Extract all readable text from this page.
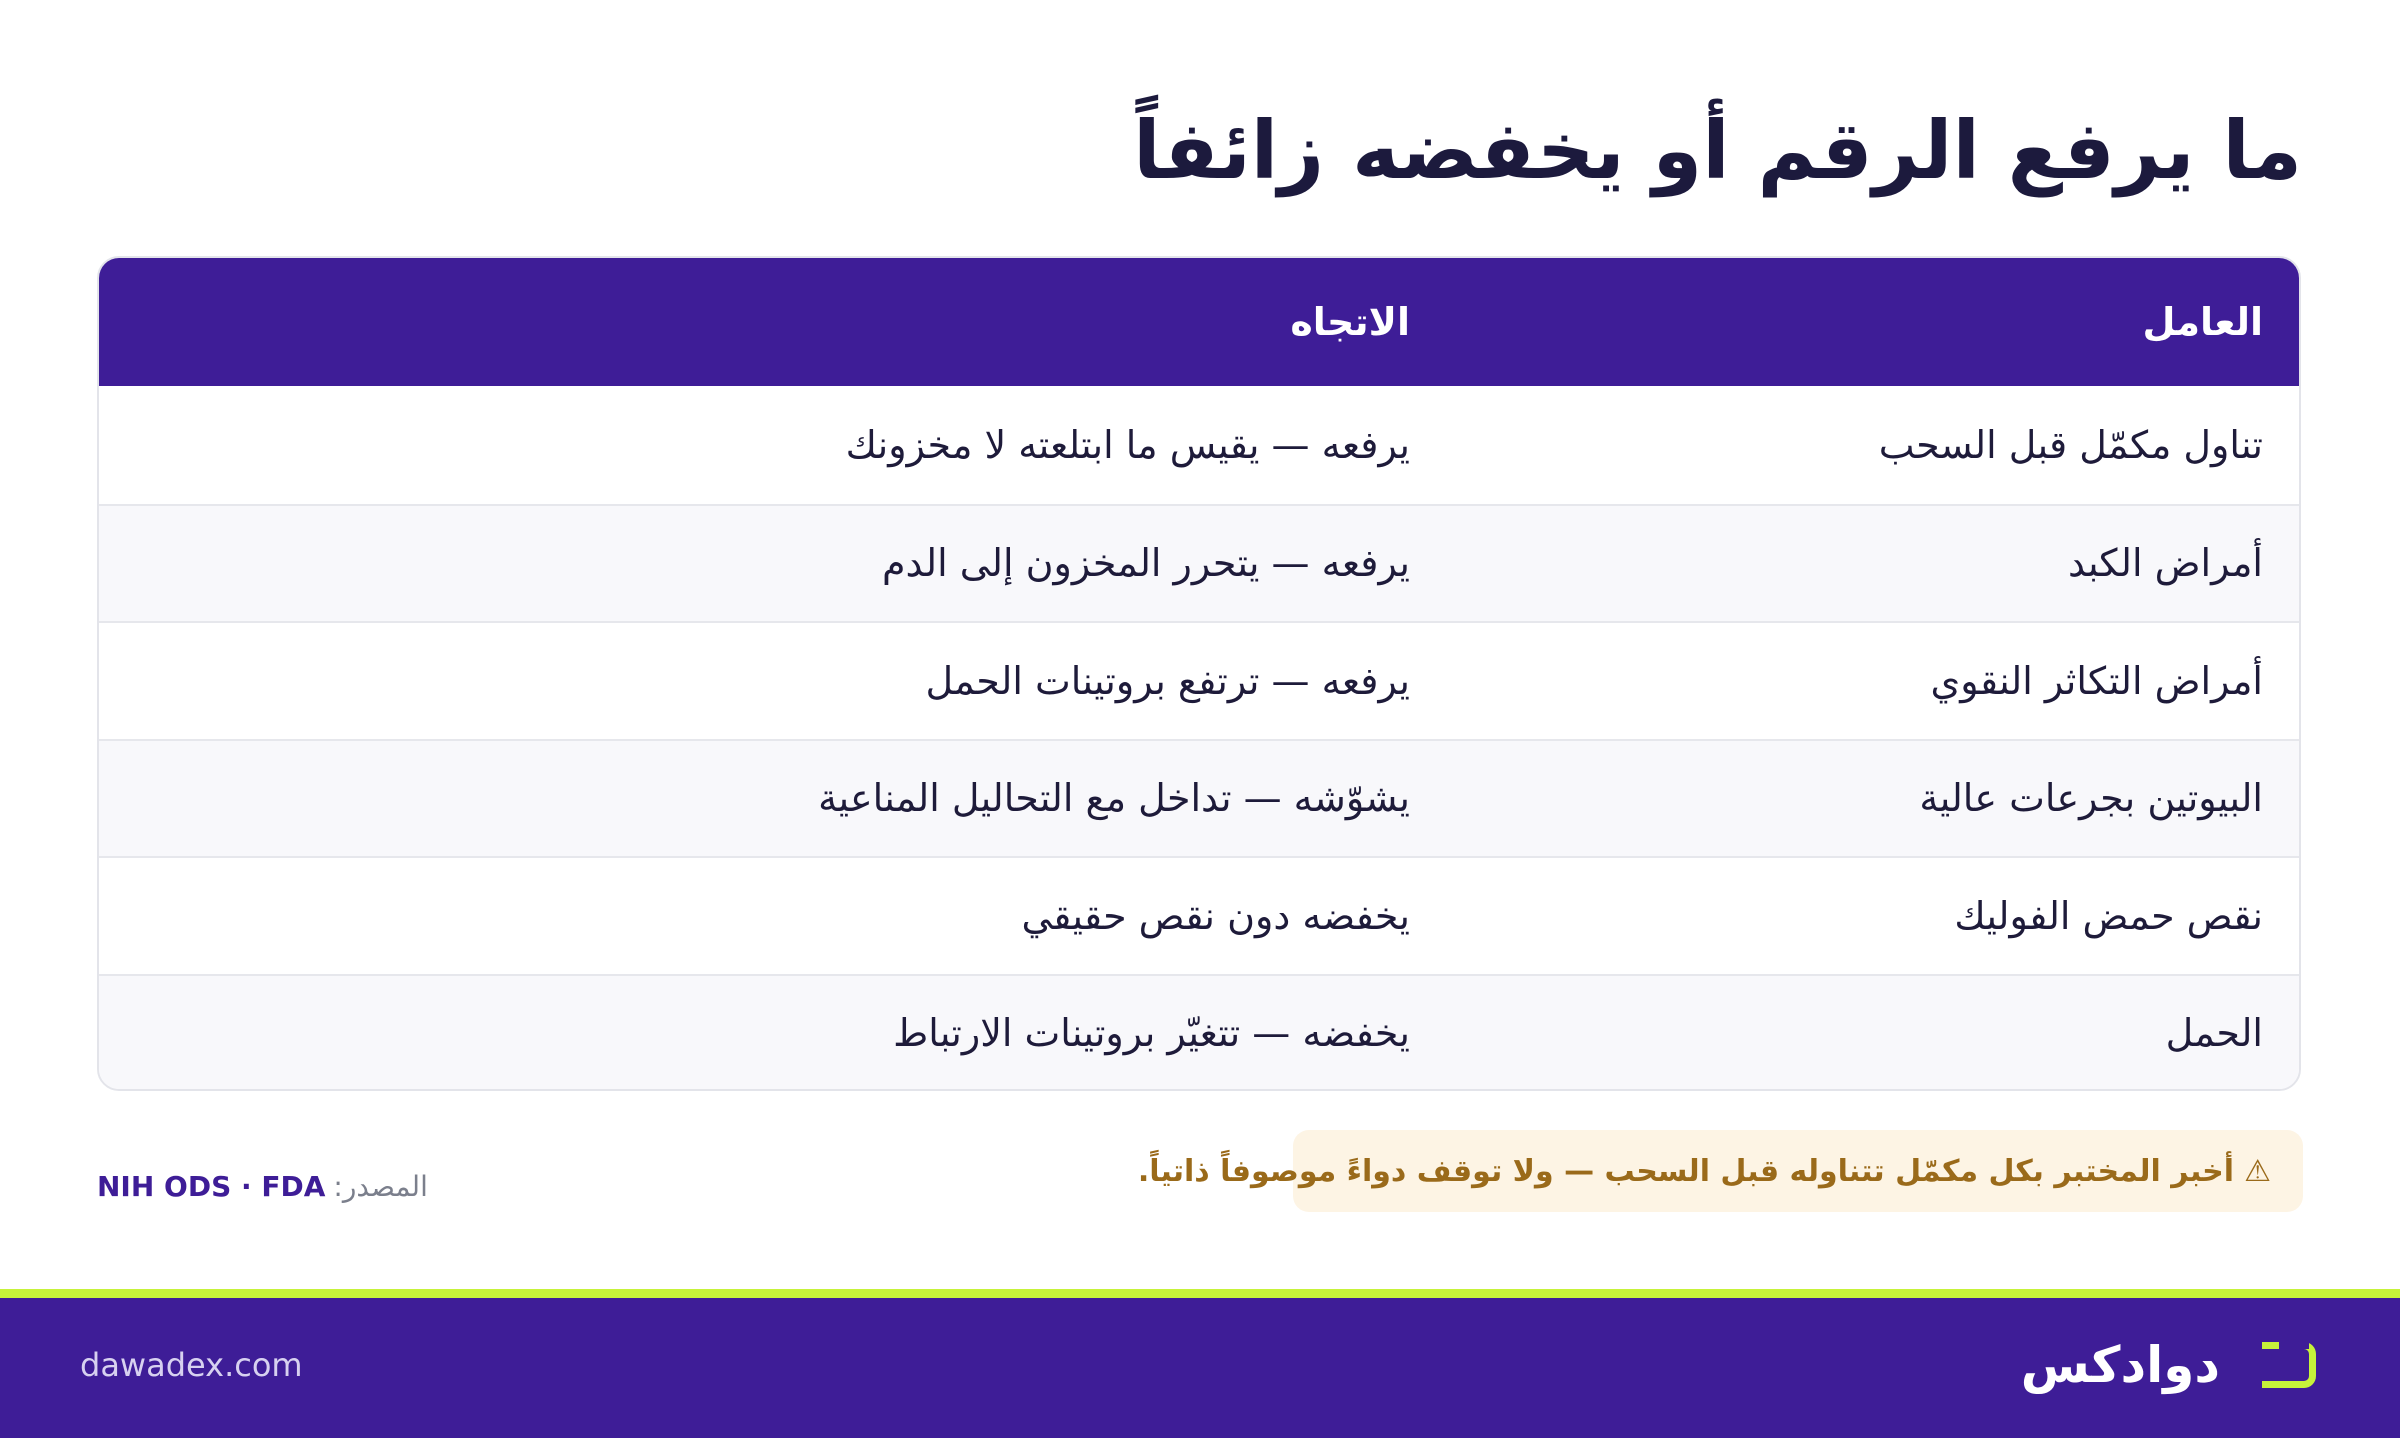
ما يرفع الرقم أو يخفضه زائفاً
العامل
الاتجاه
تناول مكمّل قبل السحب
يرفعه — يقيس ما ابتلعته لا مخزونك
أمراض الكبد
يرفعه — يتحرر المخزون إلى الدم
أمراض التكاثر النقوي
يرفعه — ترتفع بروتينات الحمل
البيوتين بجرعات عالية
يشوّشه — تداخل مع التحاليل المناعية
نقص حمض الفوليك
يخفضه دون نقص حقيقي
الحمل
يخفضه — تتغيّر بروتينات الارتباط
⚠
أخبر المختبر بكل مكمّل تتناوله قبل السحب — ولا توقف دواءً موصوفاً ذاتياً.
المصدر:
NIH ODS · FDA
دوادكس
dawadex.com
